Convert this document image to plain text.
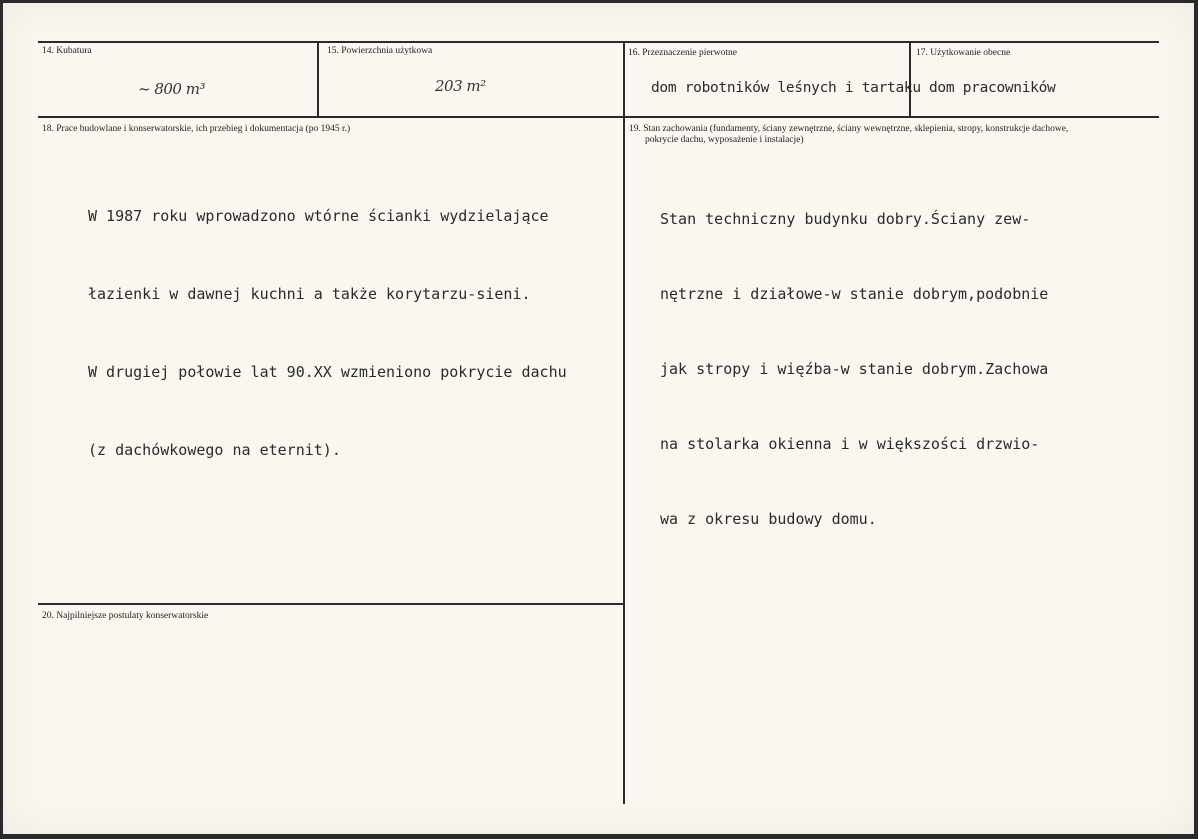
14. Kubatura
~ 800 m³
15. Powierzchnia użytkowa
203 m²
16. Przeznaczenie pierwotne
dom robotników leśnych i tartaku
17. Użytkowanie obecne
dom pracowników
18. Prace budowlane i konserwatorskie, ich przebieg i dokumentacja (po 1945 r.)

W 1987 roku wprowadzono wtórne ścianki wydzielające

łazienki w dawnej kuchni a także korytarzu-sieni.

W drugiej połowie lat 90.XX wzmieniono pokrycie dachu

(z dachówkowego na eternit).

19. Stan zachowania (fundamenty, ściany zewnętrzne, ściany wewnętrzne, sklepienia, stropy, konstrukcje dachowe,
pokrycie dachu, wyposażenie i instalacje)

Stan techniczny budynku dobry.Ściany zew-

nętrzne i działowe-w stanie dobrym,podobnie

jak stropy i więźba-w stanie dobrym.Zachowa

na stolarka okienna i w większości drzwio-

wa z okresu budowy domu.

20. Najpilniejsze postulaty konserwatorskie
